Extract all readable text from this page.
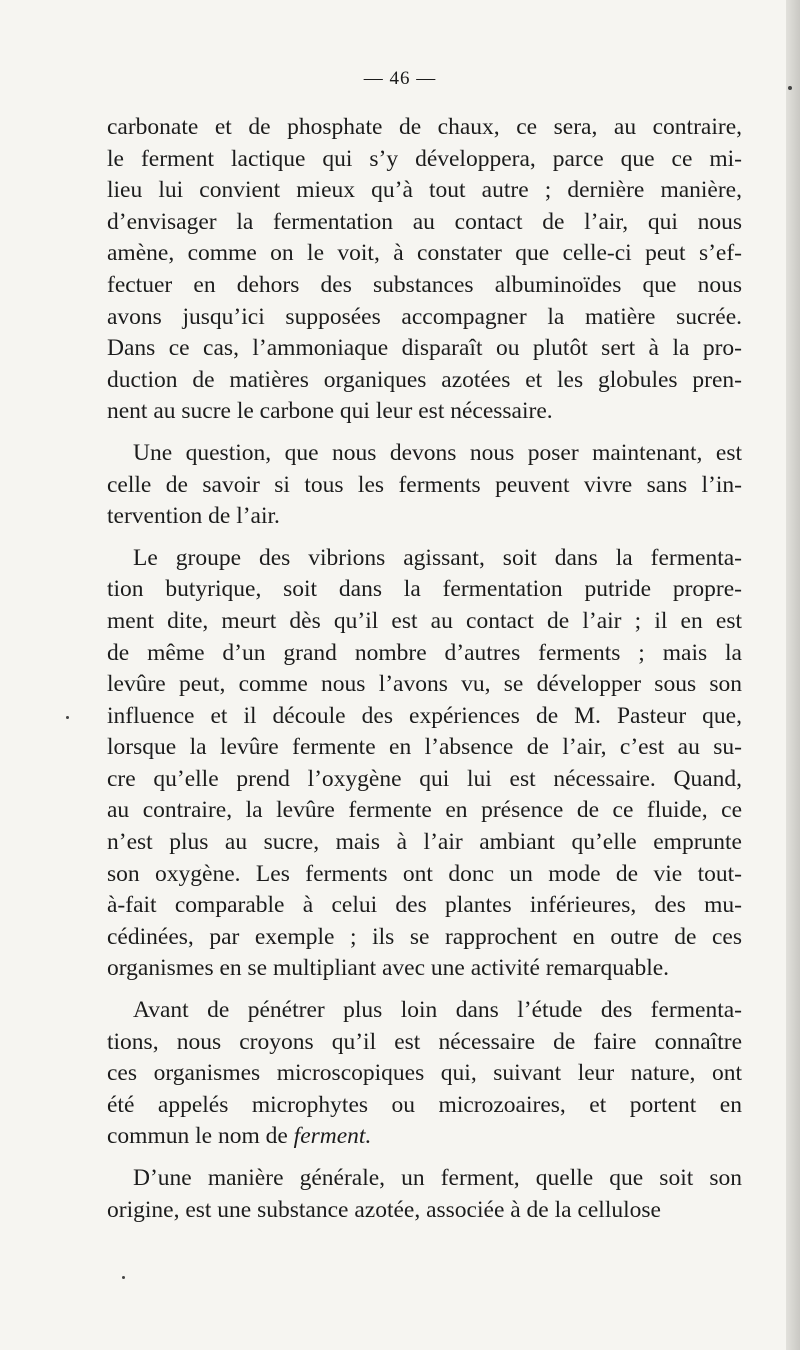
— 46 —
carbonate et de phosphate de chaux, ce sera, au contraire,
le ferment lactique qui s’y développera, parce que ce mi-
lieu lui convient mieux qu’à tout autre ; dernière manière,
d’envisager la fermentation au contact de l’air, qui nous
amène, comme on le voit, à constater que celle-ci peut s’ef-
fectuer en dehors des substances albuminoïdes que nous
avons jusqu’ici supposées accompagner la matière sucrée.
Dans ce cas, l’ammoniaque disparaît ou plutôt sert à la pro-
duction de matières organiques azotées et les globules pren-
nent au sucre le carbone qui leur est nécessaire.
Une question, que nous devons nous poser maintenant, est
celle de savoir si tous les ferments peuvent vivre sans l’in-
tervention de l’air.
Le groupe des vibrions agissant, soit dans la fermenta-
tion butyrique, soit dans la fermentation putride propre-
ment dite, meurt dès qu’il est au contact de l’air ; il en est
de même d’un grand nombre d’autres ferments ; mais la
levûre peut, comme nous l’avons vu, se développer sous son
influence et il découle des expériences de M. Pasteur que,
lorsque la levûre fermente en l’absence de l’air, c’est au su-
cre qu’elle prend l’oxygène qui lui est nécessaire. Quand,
au contraire, la levûre fermente en présence de ce fluide, ce
n’est plus au sucre, mais à l’air ambiant qu’elle emprunte
son oxygène. Les ferments ont donc un mode de vie tout-
à-fait comparable à celui des plantes inférieures, des mu-
cédinées, par exemple ; ils se rapprochent en outre de ces
organismes en se multipliant avec une activité remarquable.
Avant de pénétrer plus loin dans l’étude des fermenta-
tions, nous croyons qu’il est nécessaire de faire connaître
ces organismes microscopiques qui, suivant leur nature, ont
été appelés microphytes ou microzoaires, et portent en
commun le nom de ferment.
D’une manière générale, un ferment, quelle que soit son
origine, est une substance azotée, associée à de la cellulose
